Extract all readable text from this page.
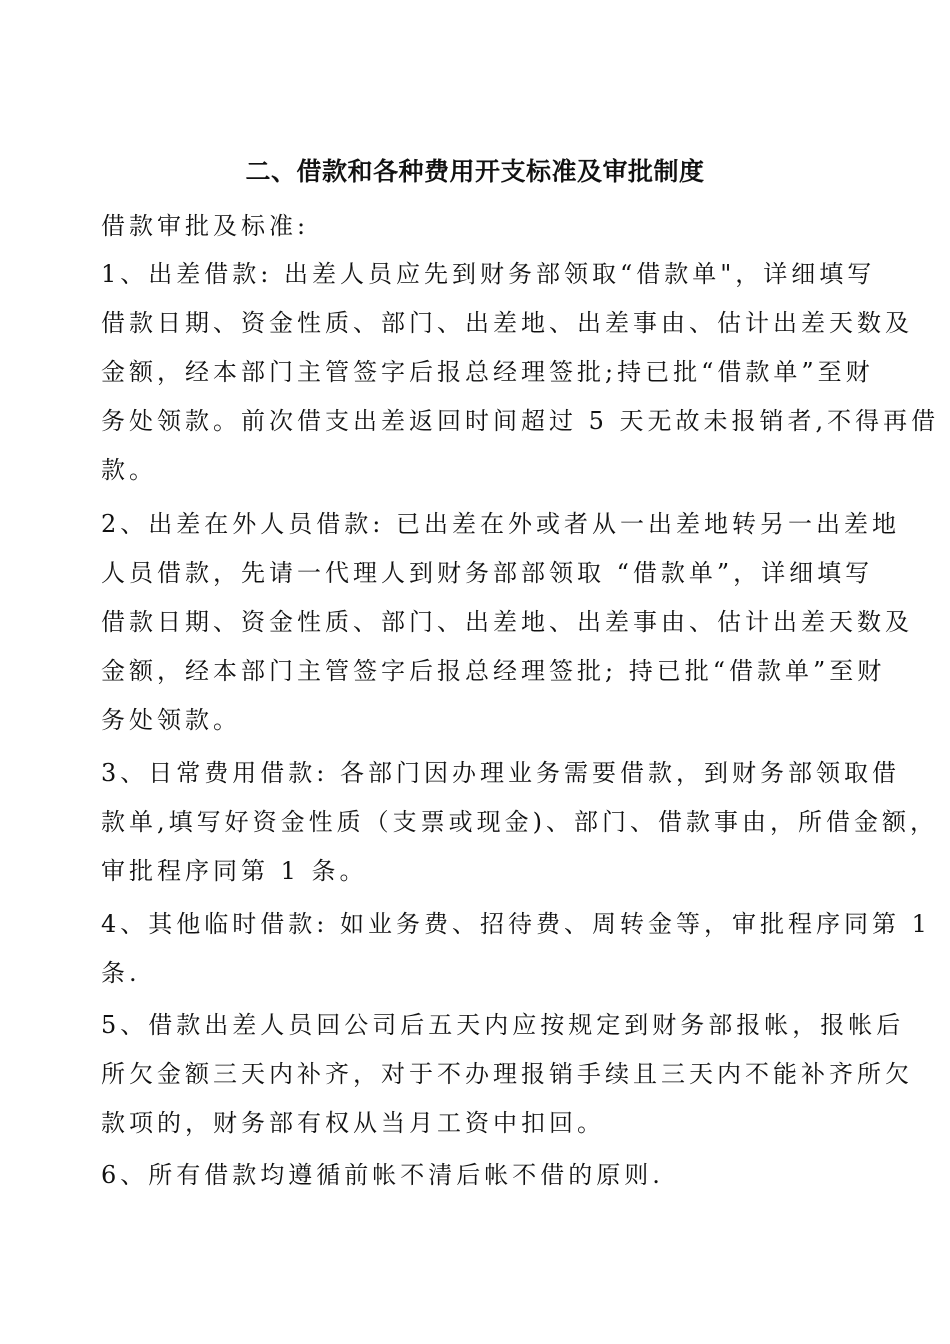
二、借款和各种费用开支标准及审批制度
借款审批及标准:
1、出差借款: 出差人员应先到财务部领取“借款单"，详细填写
借款日期、资金性质、部门、出差地、出差事由、估计出差天数及
金额，经本部门主管签字后报总经理签批;持已批“借款单”至财
务处领款。前次借支出差返回时间超过 5 天无故未报销者,不得再借
款。
2、出差在外人员借款: 已出差在外或者从一出差地转另一出差地
人员借款，先请一代理人到财务部部领取 “借款单”，详细填写
借款日期、资金性质、部门、出差地、出差事由、估计出差天数及
金额，经本部门主管签字后报总经理签批; 持已批“借款单”至财
务处领款。
3、日常费用借款: 各部门因办理业务需要借款，到财务部领取借
款单,填写好资金性质（支票或现金)、部门、借款事由，所借金额，
审批程序同第 1 条。
4、其他临时借款: 如业务费、招待费、周转金等，审批程序同第 1
条.
5、借款出差人员回公司后五天内应按规定到财务部报帐，报帐后
所欠金额三天内补齐，对于不办理报销手续且三天内不能补齐所欠
款项的，财务部有权从当月工资中扣回。
6、所有借款均遵循前帐不清后帐不借的原则.
